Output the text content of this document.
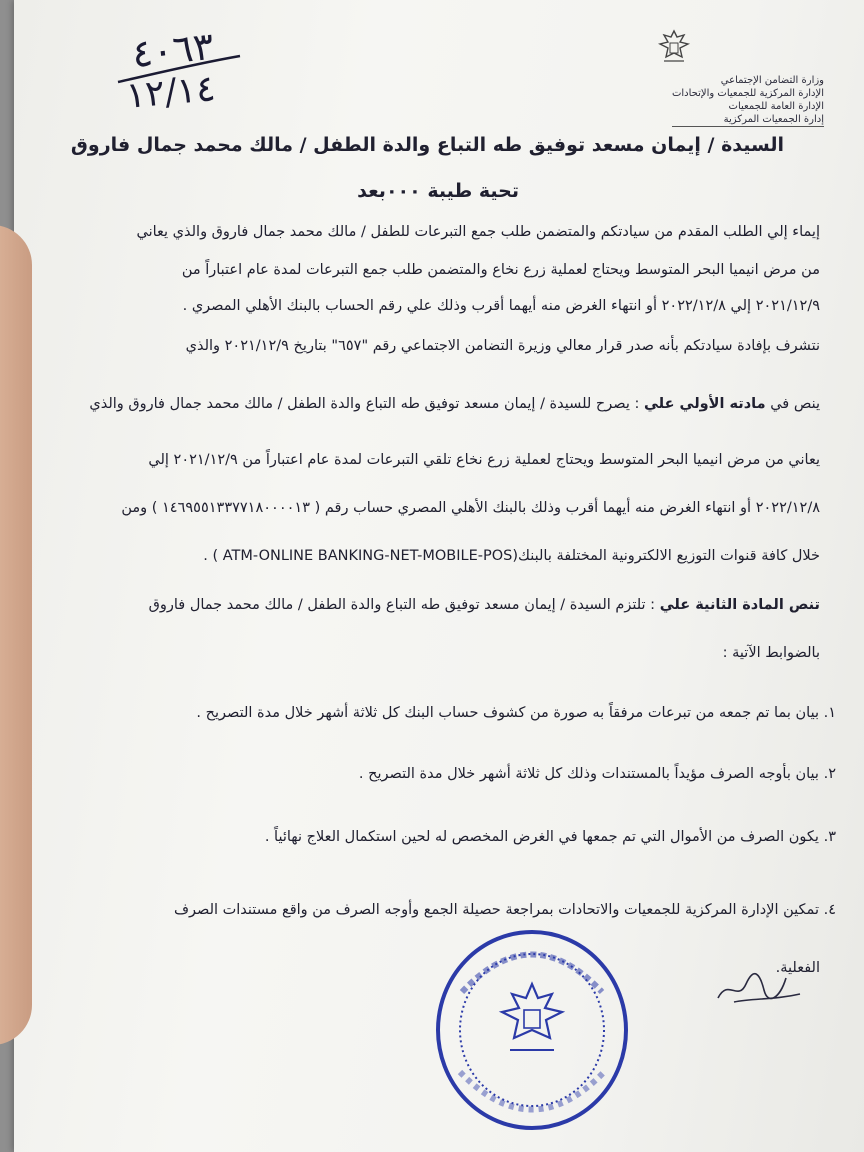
وزارة التضامن الإجتماعي
الإدارة المركزية للجمعيات والإتحادات
الإدارة العامة للجمعيات
إدارة الجمعيات المركزية
٤٠٦٣
١٢/١٤

السيدة / إيمان مسعد توفيق طه التباع والدة الطفل / مالك محمد جمال فاروق

تحية طيبة ٠٠٠بعد

إيماء إلي الطلب المقدم من سيادتكم والمتضمن طلب جمع التبرعات للطفل / مالك محمد جمال فاروق والذي يعاني

من مرض انيميا البحر المتوسط ويحتاج لعملية زرع نخاع والمتضمن طلب جمع التبرعات لمدة عام اعتباراً من

٢٠٢١/١٢/٩ إلي ٢٠٢٢/١٢/٨ أو انتهاء الغرض منه أيهما أقرب وذلك علي رقم الحساب بالبنك الأهلي المصري .

نتشرف بإفادة سيادتكم بأنه صدر قرار معالي وزيرة التضامن الاجتماعي رقم "٦٥٧" بتاريخ ٢٠٢١/١٢/٩ والذي

ينص في مادته الأولي علي : يصرح للسيدة / إيمان مسعد توفيق طه التباع والدة الطفل / مالك محمد جمال فاروق والذي

يعاني من مرض انيميا البحر المتوسط ويحتاج لعملية زرع نخاع تلقي التبرعات لمدة عام اعتباراً من ٢٠٢١/١٢/٩ إلي

٢٠٢٢/١٢/٨ أو انتهاء الغرض منه أيهما أقرب وذلك بالبنك الأهلي المصري حساب رقم ( ١٤٦٩٥٥١٣٣٧٧١٨٠٠٠٠١٣ ) ومن

خلال كافة قنوات التوزيع الالكترونية المختلفة بالبنك(ATM-ONLINE BANKING-NET-MOBILE-POS ) .

تنص المادة الثانية علي : تلتزم السيدة / إيمان مسعد توفيق طه التباع والدة الطفل / مالك محمد جمال فاروق

بالضوابط الآتية :

١. بيان بما تم جمعه من تبرعات مرفقاً به صورة من كشوف حساب البنك كل ثلاثة أشهر خلال مدة التصريح .

٢. بيان بأوجه الصرف مؤيداً بالمستندات وذلك كل ثلاثة أشهر خلال مدة التصريح .

٣. يكون الصرف من الأموال التي تم جمعها في الغرض المخصص له لحين استكمال العلاج نهائياً .

٤. تمكين الإدارة المركزية للجمعيات والاتحادات بمراجعة حصيلة الجمع وأوجه الصرف من واقع مستندات الصرف

الفعلية.
